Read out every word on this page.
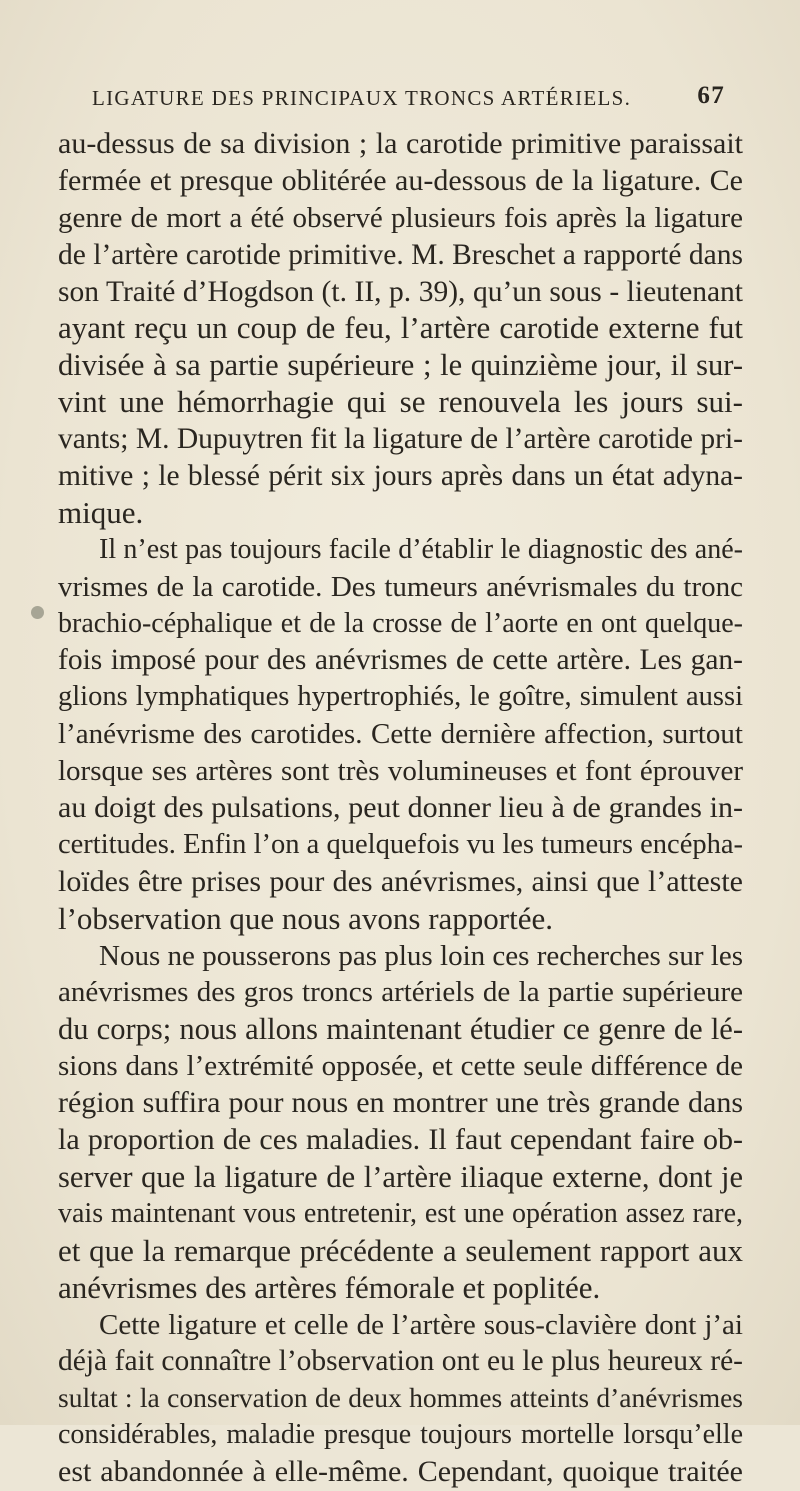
LIGATURE DES PRINCIPAUX TRONCS ARTÉRIELS.	67
au-dessus de sa division ; la carotide primitive paraissait
fermée et presque oblitérée au-dessous de la ligature. Ce
genre de mort a été observé plusieurs fois après la ligature
de l’artère carotide primitive. M. Breschet a rapporté dans
son Traité d’Hogdson (t. II, p. 39), qu’un sous - lieutenant
ayant reçu un coup de feu, l’artère carotide externe fut
divisée à sa partie supérieure ; le quinzième jour, il sur-
vint une hémorrhagie qui se renouvela les jours sui-
vants; M. Dupuytren fit la ligature de l’artère carotide pri-
mitive ; le blessé périt six jours après dans un état adyna-
mique.
Il n’est pas toujours facile d’établir le diagnostic des ané-
vrismes de la carotide. Des tumeurs anévrismales du tronc
brachio-céphalique et de la crosse de l’aorte en ont quelque-
fois imposé pour des anévrismes de cette artère. Les gan-
glions lymphatiques hypertrophiés, le goître, simulent aussi
l’anévrisme des carotides. Cette dernière affection, surtout
lorsque ses artères sont très volumineuses et font éprouver
au doigt des pulsations, peut donner lieu à de grandes in-
certitudes. Enfin l’on a quelquefois vu les tumeurs encépha-
loïdes être prises pour des anévrismes, ainsi que l’atteste
l’observation que nous avons rapportée.
Nous ne pousserons pas plus loin ces recherches sur les
anévrismes des gros troncs artériels de la partie supérieure
du corps; nous allons maintenant étudier ce genre de lé-
sions dans l’extrémité opposée, et cette seule différence de
région suffira pour nous en montrer une très grande dans
la proportion de ces maladies. Il faut cependant faire ob-
server que la ligature de l’artère iliaque externe, dont je
vais maintenant vous entretenir, est une opération assez rare,
et que la remarque précédente a seulement rapport aux
anévrismes des artères fémorale et poplitée.
Cette ligature et celle de l’artère sous-clavière dont j’ai
déjà fait connaître l’observation ont eu le plus heureux ré-
sultat : la conservation de deux hommes atteints d’anévrismes
considérables, maladie presque toujours mortelle lorsqu’elle
est abandonnée à elle-même. Cependant, quoique traitée
